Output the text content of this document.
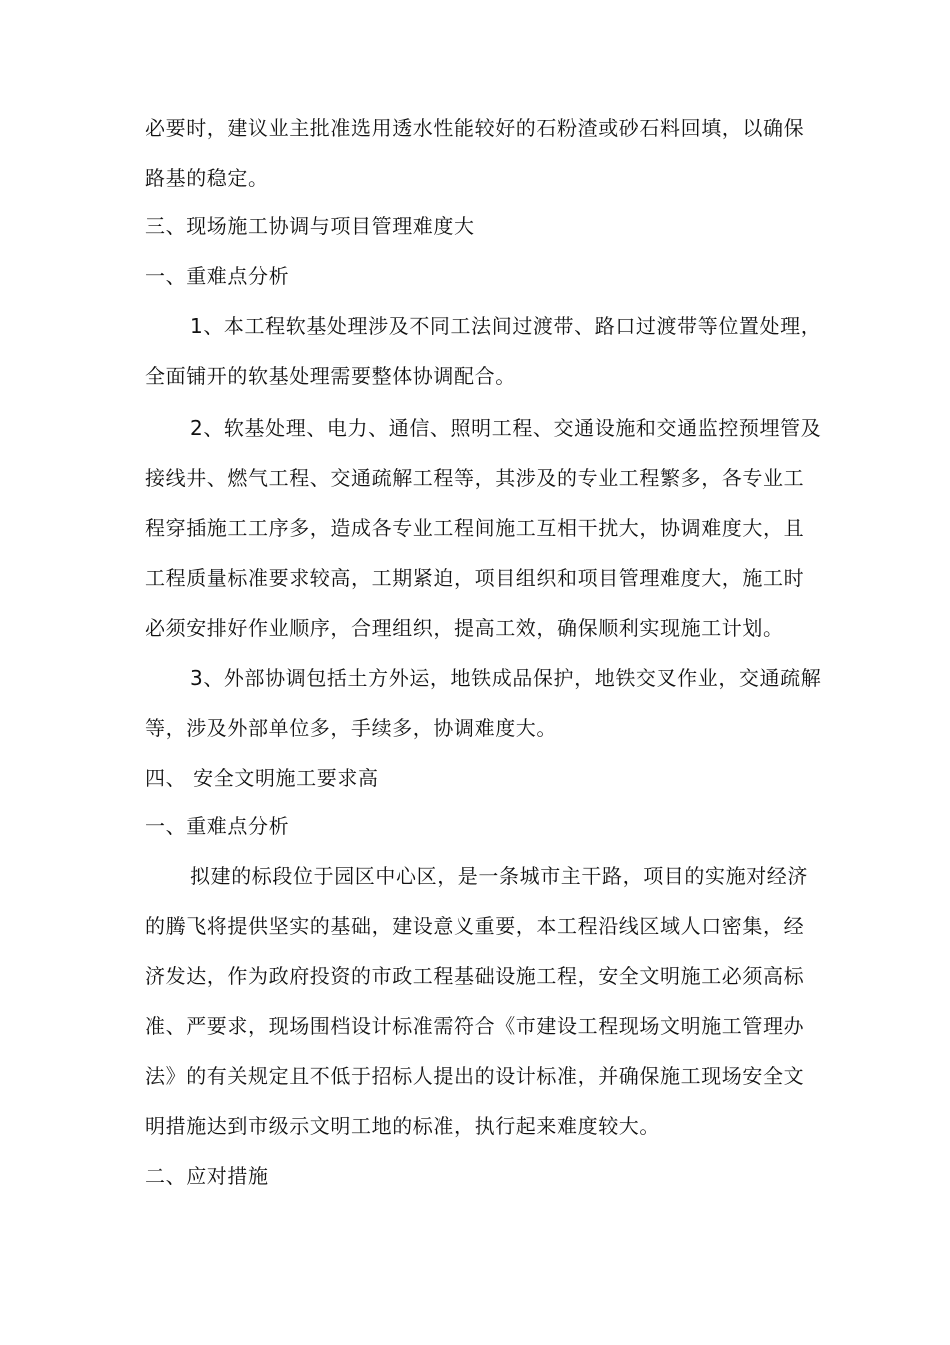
必要时，建议业主批准选用透水性能较好的石粉渣或砂石料回填，以确保
路基的稳定。
三、现场施工协调与项目管理难度大
一、重难点分析
1、本工程软基处理涉及不同工法间过渡带、路口过渡带等位置处理，
全面铺开的软基处理需要整体协调配合。
2、软基处理、电力、通信、照明工程、交通设施和交通监控预埋管及
接线井、燃气工程、交通疏解工程等，其涉及的专业工程繁多，各专业工
程穿插施工工序多，造成各专业工程间施工互相干扰大，协调难度大，且
工程质量标准要求较高，工期紧迫，项目组织和项目管理难度大，施工时
必须安排好作业顺序，合理组织，提高工效，确保顺利实现施工计划。
3、外部协调包括土方外运，地铁成品保护，地铁交叉作业，交通疏解
等，涉及外部单位多，手续多，协调难度大。
四、 安全文明施工要求高
一、重难点分析
拟建的标段位于园区中心区，是一条城市主干路，项目的实施对经济
的腾飞将提供坚实的基础，建设意义重要，本工程沿线区域人口密集，经
济发达，作为政府投资的市政工程基础设施工程，安全文明施工必须高标
准、严要求，现场围档设计标准需符合《市建设工程现场文明施工管理办
法》的有关规定且不低于招标人提出的设计标准，并确保施工现场安全文
明措施达到市级示文明工地的标准，执行起来难度较大。
二、应对措施
